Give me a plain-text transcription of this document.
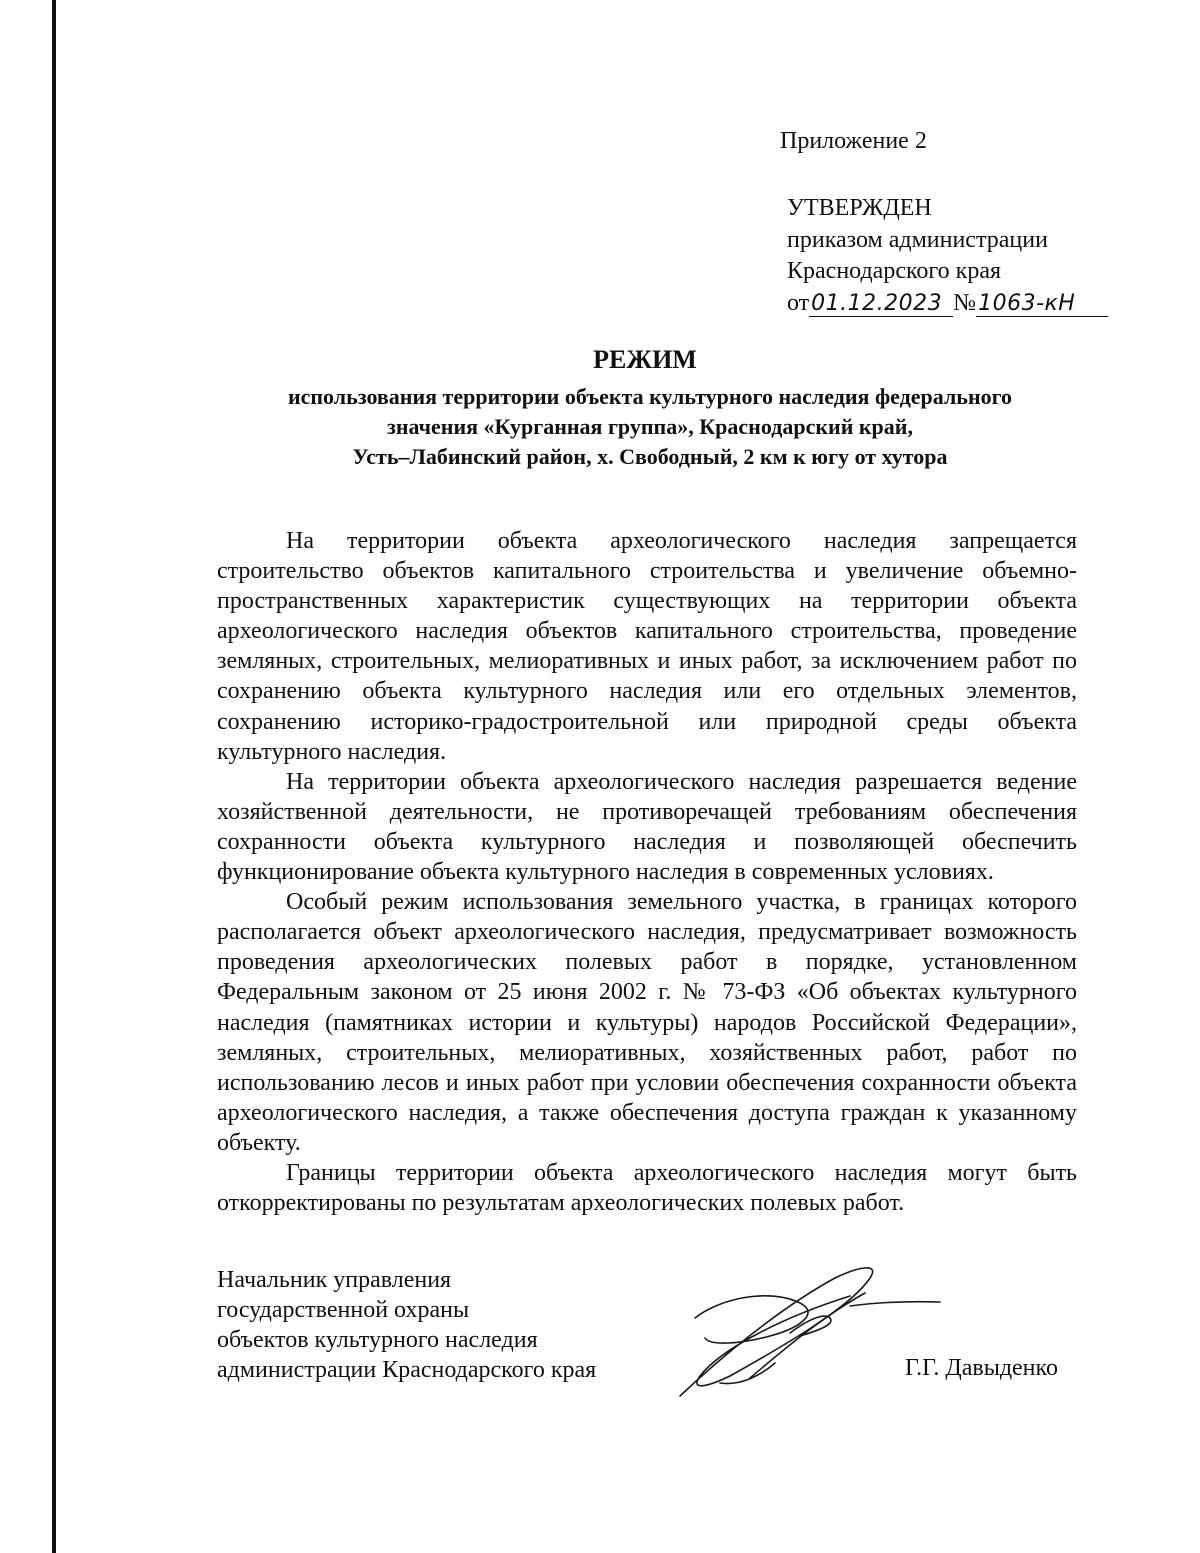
Приложение 2
УТВЕРЖДЕН
приказом администрации
Краснодарского края
от01.12.2023 №1063-кН
РЕЖИМ
использования территории объекта культурного наследия федерального
значения «Курганная группа», Краснодарский край,
Усть–Лабинский район, х. Свободный, 2 км к югу от хутора

На территории объекта археологического наследия запрещается строительство объектов капитального строительства и увеличение объемно-пространственных характеристик существующих на территории объекта археологического наследия объектов капитального строительства, проведение земляных, строительных, мелиоративных и иных работ, за исключением работ по сохранению объекта культурного наследия или его отдельных элементов, сохранению историко-градостроительной или природной среды объекта культурного наследия.

На территории объекта археологического наследия разрешается ведение хозяйственной деятельности, не противоречащей требованиям обеспечения сохранности объекта культурного наследия и позволяющей обеспечить функционирование объекта культурного наследия в современных условиях.

Особый режим использования земельного участка, в границах которого располагается объект археологического наследия, предусматривает возможность проведения археологических полевых работ в порядке, установленном Федеральным законом от 25 июня 2002 г. № 73-ФЗ «Об объектах культурного наследия (памятниках истории и культуры) народов Российской Федерации», земляных, строительных, мелиоративных, хозяйственных работ, работ по использованию лесов и иных работ при условии обеспечения сохранности объекта археологического наследия, а также обеспечения доступа граждан к указанному объекту.

Границы территории объекта археологического наследия могут быть откорректированы по результатам археологических полевых работ.

Начальник управления
государственной охраны
объектов культурного наследия
администрации Краснодарского края	Г.Г. Давыденко
